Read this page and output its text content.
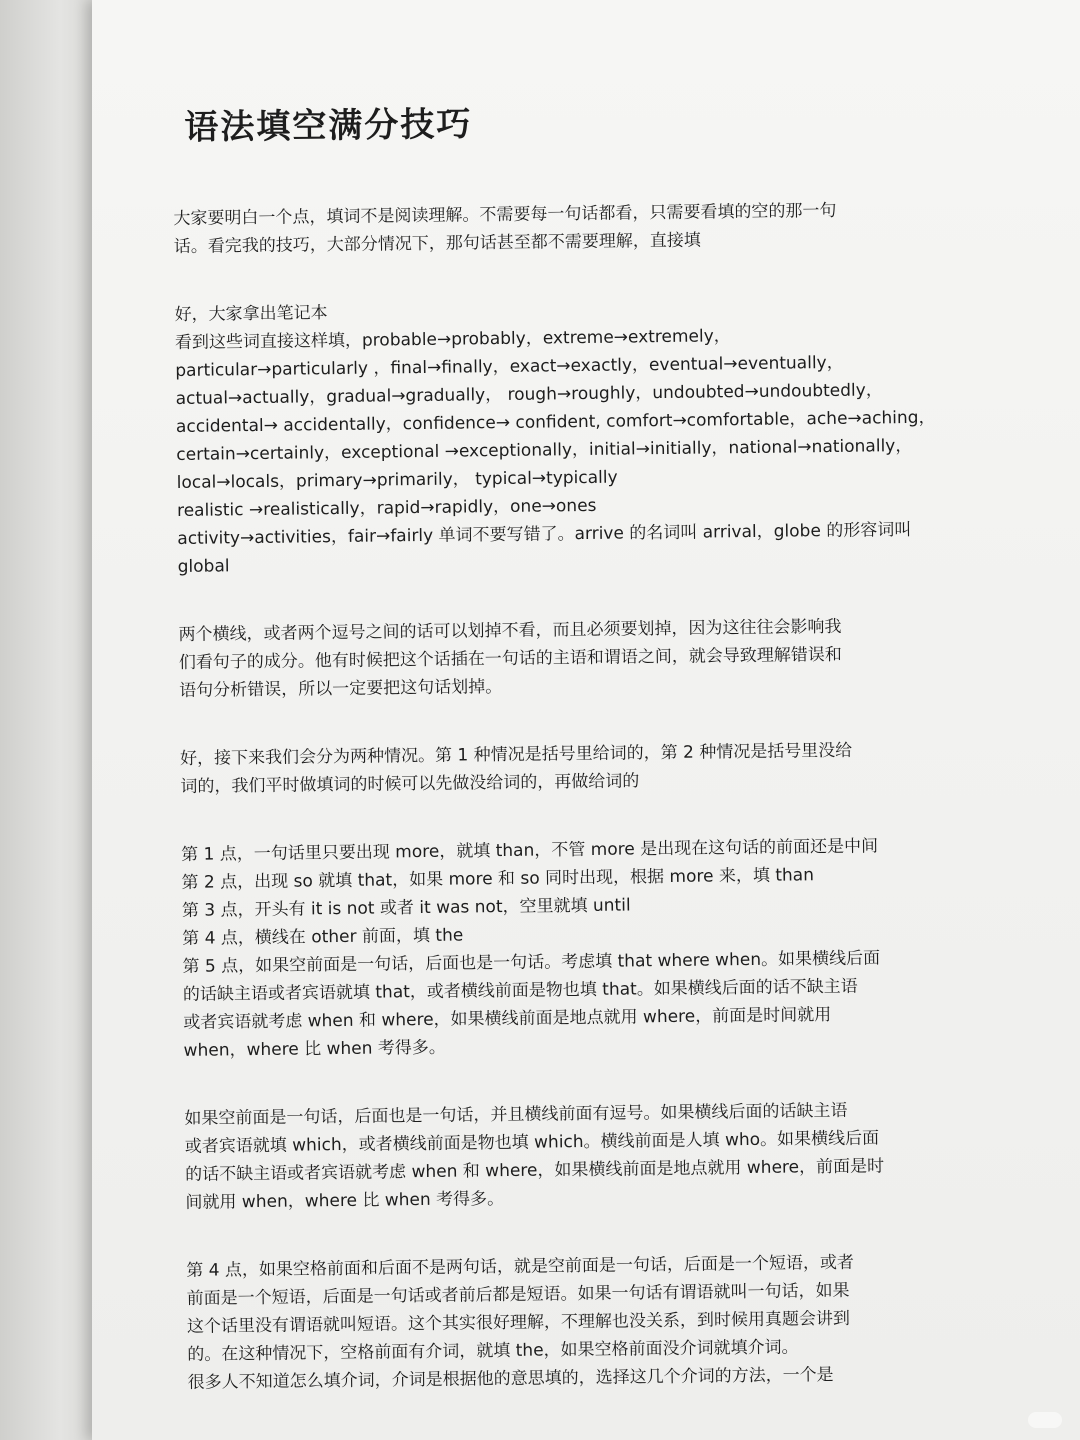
语法填空满分技巧

大家要明白一个点，填词不是阅读理解。不需要每一句话都看，只需要看填的空的那一句

话。看完我的技巧，大部分情况下，那句话甚至都不需要理解，直接填

好，大家拿出笔记本

看到这些词直接这样填，probable→probably，extreme→extremely，

particular→particularly ，final→finally，exact→exactly，eventual→eventually，

actual→actually，gradual→gradually， rough→roughly，undoubted→undoubtedly，

accidental→ accidentally，confidence→ confident, comfort→comfortable，ache→aching，

certain→certainly，exceptional →exceptionally，initial→initially，national→nationally，

local→locals，primary→primarily， typical→typically

realistic →realistically，rapid→rapidly，one→ones

activity→activities，fair→fairly 单词不要写错了。arrive 的名词叫 arrival，globe 的形容词叫

global

两个横线，或者两个逗号之间的话可以划掉不看，而且必须要划掉，因为这往往会影响我

们看句子的成分。他有时候把这个话插在一句话的主语和谓语之间，就会导致理解错误和

语句分析错误，所以一定要把这句话划掉。

好，接下来我们会分为两种情况。第 1 种情况是括号里给词的，第 2 种情况是括号里没给

词的，我们平时做填词的时候可以先做没给词的，再做给词的

第 1 点，一句话里只要出现 more，就填 than，不管 more 是出现在这句话的前面还是中间

第 2 点，出现 so 就填 that，如果 more 和 so 同时出现，根据 more 来，填 than

第 3 点，开头有 it is not 或者 it was not，空里就填 until

第 4 点，横线在 other 前面，填 the

第 5 点，如果空前面是一句话，后面也是一句话。考虑填 that where when。如果横线后面

的话缺主语或者宾语就填 that，或者横线前面是物也填 that。如果横线后面的话不缺主语

或者宾语就考虑 when 和 where，如果横线前面是地点就用 where，前面是时间就用

when，where 比 when 考得多。

如果空前面是一句话，后面也是一句话，并且横线前面有逗号。如果横线后面的话缺主语

或者宾语就填 which，或者横线前面是物也填 which。横线前面是人填 who。如果横线后面

的话不缺主语或者宾语就考虑 when 和 where，如果横线前面是地点就用 where，前面是时

间就用 when，where 比 when 考得多。

第 4 点，如果空格前面和后面不是两句话，就是空前面是一句话，后面是一个短语，或者

前面是一个短语，后面是一句话或者前后都是短语。如果一句话有谓语就叫一句话，如果

这个话里没有谓语就叫短语。这个其实很好理解，不理解也没关系，到时候用真题会讲到

的。在这种情况下，空格前面有介词，就填 the，如果空格前面没介词就填介词。

很多人不知道怎么填介词，介词是根据他的意思填的，选择这几个介词的方法，一个是
